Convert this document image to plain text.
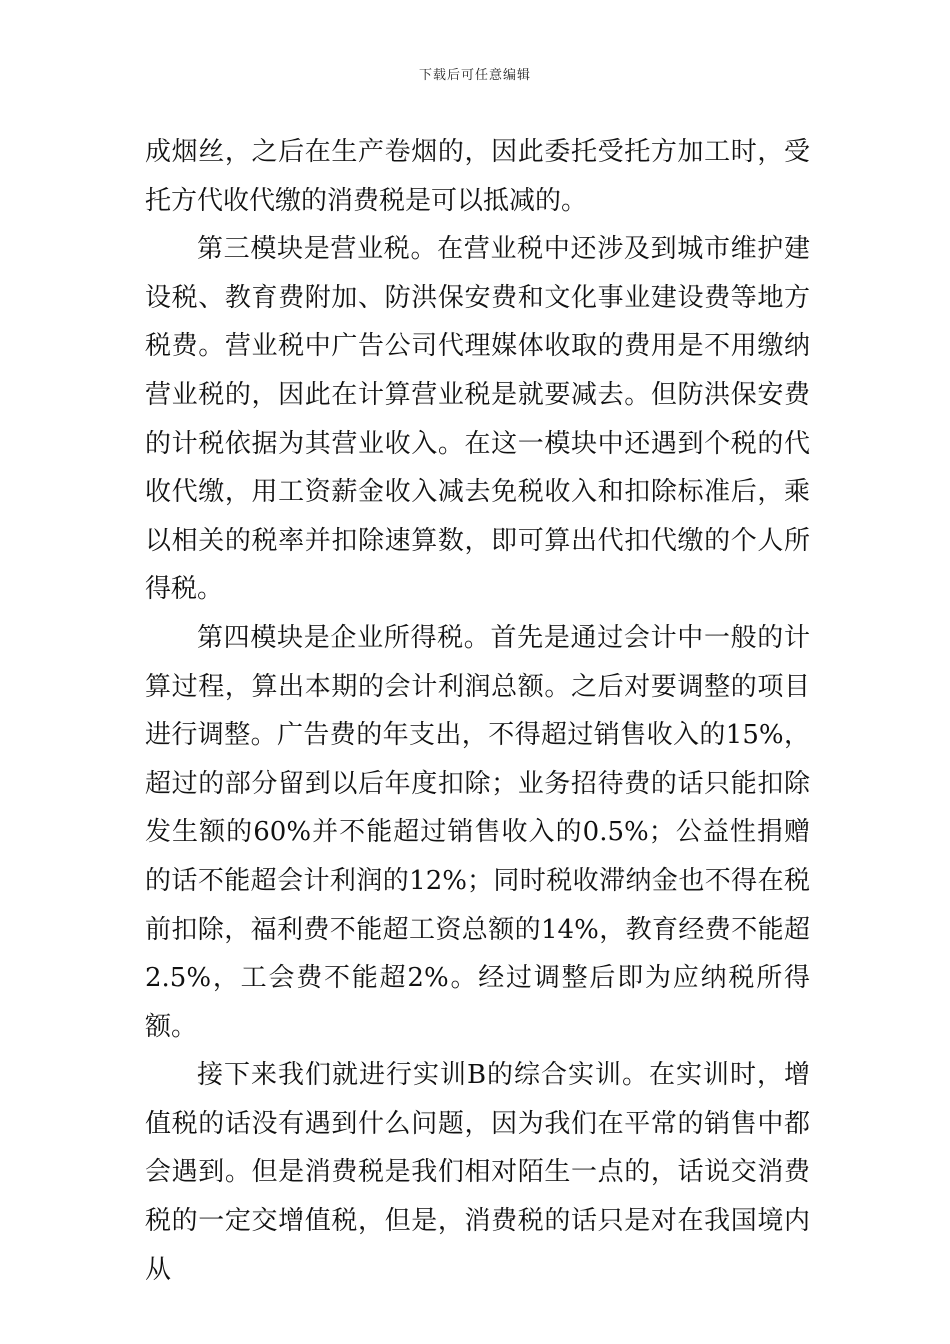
下载后可任意编辑

成烟丝，之后在生产卷烟的，因此委托受托方加工时，受托方代收代缴的消费税是可以抵减的。

第三模块是营业税。在营业税中还涉及到城市维护建设税、教育费附加、防洪保安费和文化事业建设费等地方税费。营业税中广告公司代理媒体收取的费用是不用缴纳营业税的，因此在计算营业税是就要减去。但防洪保安费的计税依据为其营业收入。在这一模块中还遇到个税的代收代缴，用工资薪金收入减去免税收入和扣除标准后，乘以相关的税率并扣除速算数，即可算出代扣代缴的个人所得税。

第四模块是企业所得税。首先是通过会计中一般的计算过程，算出本期的会计利润总额。之后对要调整的项目进行调整。广告费的年支出，不得超过销售收入的15%，超过的部分留到以后年度扣除；业务招待费的话只能扣除发生额的60%并不能超过销售收入的0.5%；公益性捐赠的话不能超会计利润的12%；同时税收滞纳金也不得在税前扣除，福利费不能超工资总额的14%，教育经费不能超2.5%，工会费不能超2%。经过调整后即为应纳税所得额。

接下来我们就进行实训B的综合实训。在实训时，增值税的话没有遇到什么问题，因为我们在平常的销售中都会遇到。但是消费税是我们相对陌生一点的，话说交消费税的一定交增值税，但是，消费税的话只是对在我国境内从
